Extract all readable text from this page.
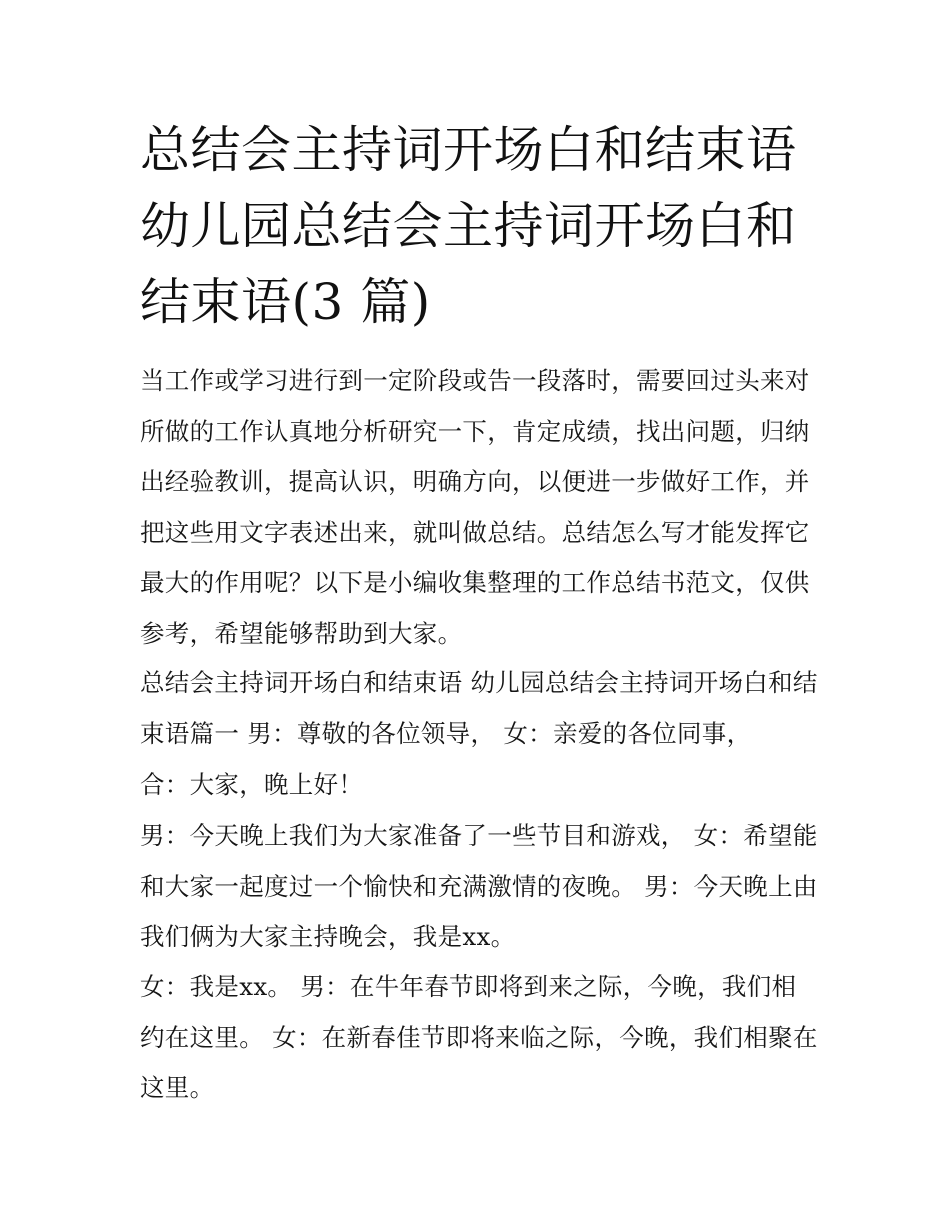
总结会主持词开场白和结束语
幼儿园总结会主持词开场白和
结束语(3 篇)

当工作或学习进行到一定阶段或告一段落时，需要回过头来对所做的工作认真地分析研究一下，肯定成绩，找出问题，归纳出经验教训，提高认识，明确方向，以便进一步做好工作，并把这些用文字表述出来，就叫做总结。总结怎么写才能发挥它最大的作用呢？以下是小编收集整理的工作总结书范文，仅供参考，希望能够帮助到大家。

总结会主持词开场白和结束语 幼儿园总结会主持词开场白和结束语篇一 男：尊敬的各位领导， 女：亲爱的各位同事，

合：大家，晚上好！

男：今天晚上我们为大家准备了一些节目和游戏， 女：希望能和大家一起度过一个愉快和充满激情的夜晚。 男：今天晚上由我们俩为大家主持晚会，我是xx。

女：我是xx。 男：在牛年春节即将到来之际，今晚，我们相约在这里。 女：在新春佳节即将来临之际，今晚，我们相聚在这里。
